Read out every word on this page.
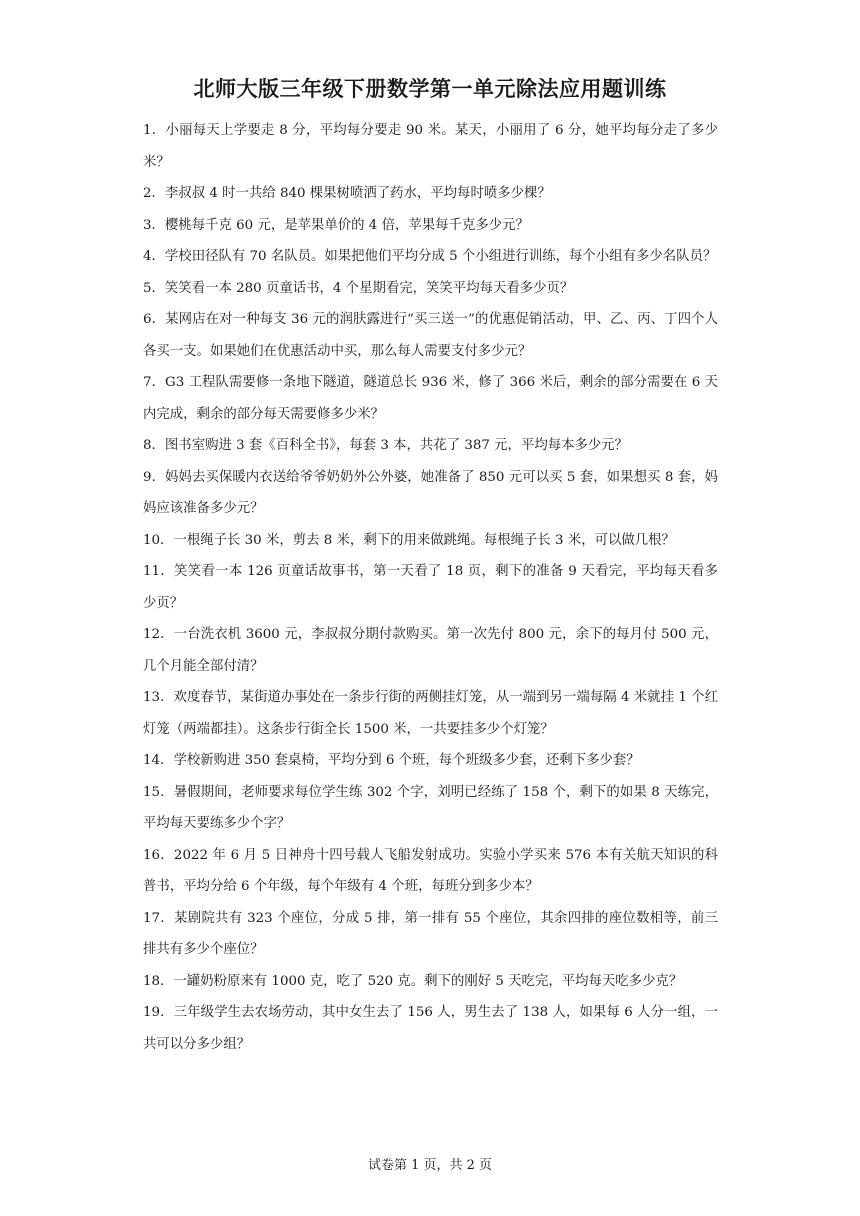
北师大版三年级下册数学第一单元除法应用题训练

1．小丽每天上学要走 8 分，平均每分要走 90 米。某天，小丽用了 6 分，她平均每分走了多少米？

2．李叔叔 4 时一共给 840 棵果树喷洒了药水，平均每时喷多少棵？

3．樱桃每千克 60 元，是苹果单价的 4 倍，苹果每千克多少元？

4．学校田径队有 70 名队员。如果把他们平均分成 5 个小组进行训练，每个小组有多少名队员？

5．笑笑看一本 280 页童话书，4 个星期看完，笑笑平均每天看多少页？

6．某网店在对一种每支 36 元的润肤露进行“买三送一”的优惠促销活动，甲、乙、丙、丁四个人各买一支。如果她们在优惠活动中买，那么每人需要支付多少元？

7．G3 工程队需要修一条地下隧道，隧道总长 936 米，修了 366 米后，剩余的部分需要在 6 天内完成，剩余的部分每天需要修多少米？

8．图书室购进 3 套《百科全书》，每套 3 本，共花了 387 元，平均每本多少元？

9．妈妈去买保暖内衣送给爷爷奶奶外公外婆，她准备了 850 元可以买 5 套，如果想买 8 套，妈妈应该准备多少元？

10．一根绳子长 30 米，剪去 8 米，剩下的用来做跳绳。每根绳子长 3 米，可以做几根？

11．笑笑看一本 126 页童话故事书，第一天看了 18 页，剩下的准备 9 天看完，平均每天看多少页？

12．一台洗衣机 3600 元，李叔叔分期付款购买。第一次先付 800 元，余下的每月付 500 元，几个月能全部付清？

13．欢度春节，某街道办事处在一条步行街的两侧挂灯笼，从一端到另一端每隔 4 米就挂 1 个红灯笼（两端都挂）。这条步行街全长 1500 米，一共要挂多少个灯笼？

14．学校新购进 350 套桌椅，平均分到 6 个班，每个班级多少套，还剩下多少套？

15．暑假期间，老师要求每位学生练 302 个字，刘明已经练了 158 个，剩下的如果 8 天练完，平均每天要练多少个字？

16．2022 年 6 月 5 日神舟十四号载人飞船发射成功。实验小学买来 576 本有关航天知识的科普书，平均分给 6 个年级，每个年级有 4 个班，每班分到多少本？

17．某剧院共有 323 个座位，分成 5 排，第一排有 55 个座位，其余四排的座位数相等，前三排共有多少个座位？

18．一罐奶粉原来有 1000 克，吃了 520 克。剩下的刚好 5 天吃完，平均每天吃多少克？

19．三年级学生去农场劳动，其中女生去了 156 人，男生去了 138 人，如果每 6 人分一组，一共可以分多少组？

试卷第 1 页，共 2 页
